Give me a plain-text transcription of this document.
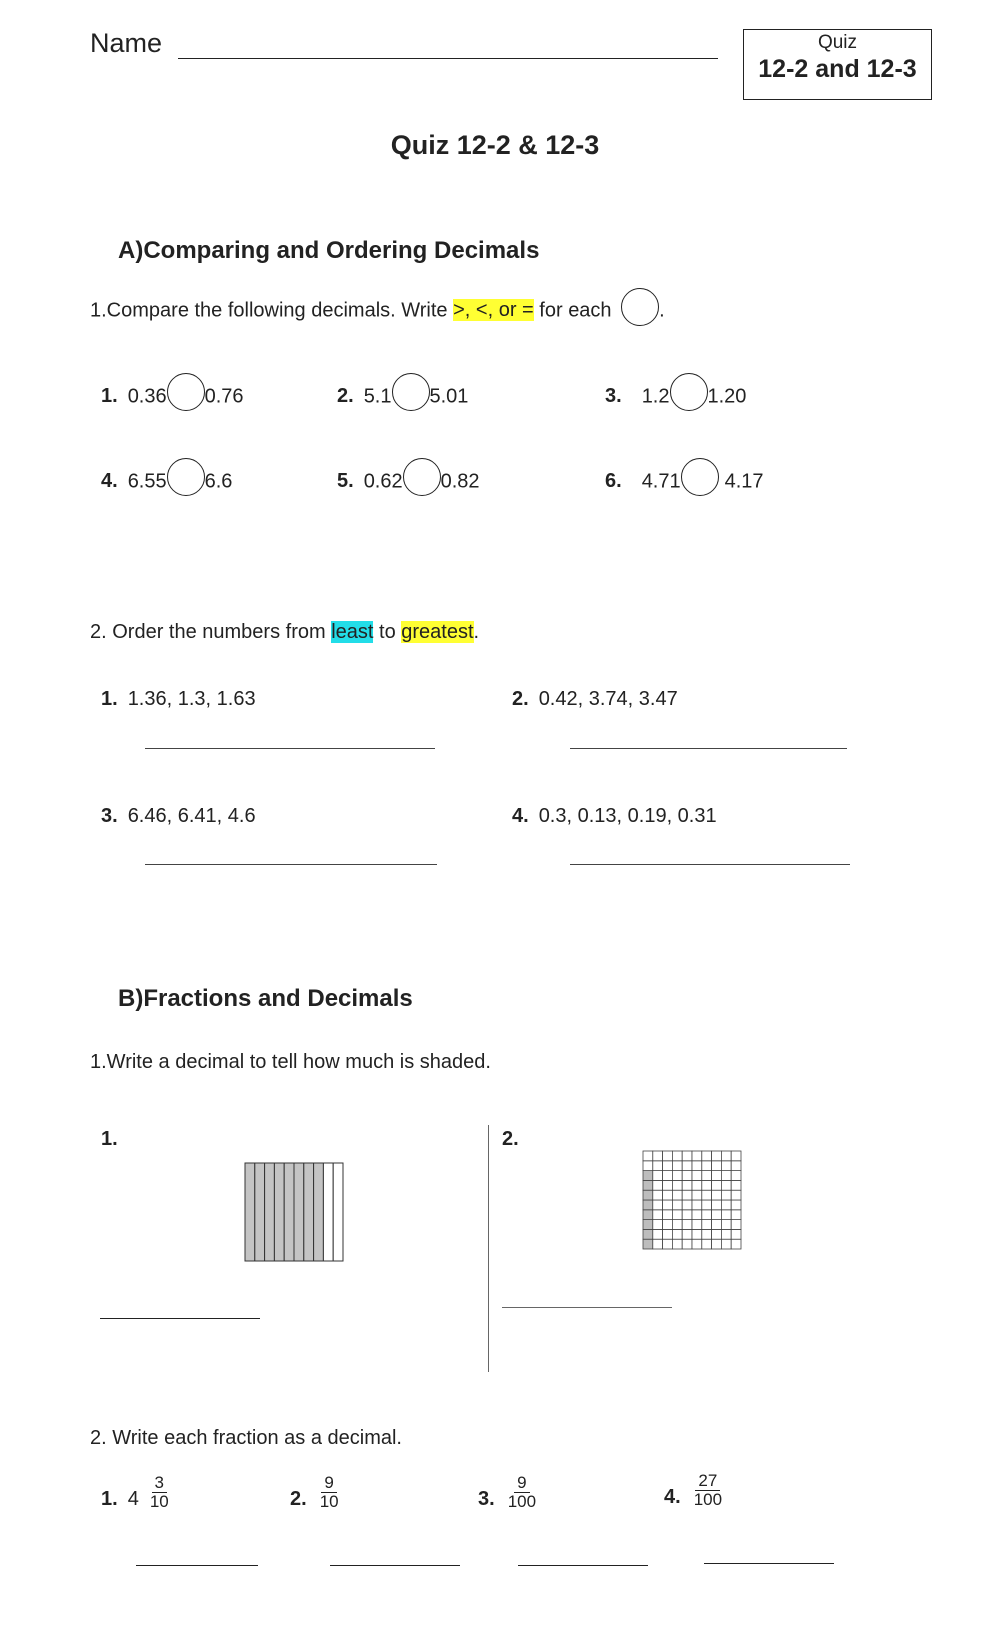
Name	Quiz
12-2 and 12-3
Quiz 12-2 & 12-3
A)Comparing and Ordering Decimals
1.Compare the following decimals. Write >, <, or = for each .
1. 0.36 0.76	2. 5.1 5.01	3. 1.2 1.20
4. 6.55 6.6	5. 0.62 0.82	6. 4.71 4.17
2. Order the numbers from least to greatest.
1. 1.36, 1.3, 1.63	2. 0.42, 3.74, 3.47
3. 6.46, 6.41, 4.6	4. 0.3, 0.13, 0.19, 0.31
B)Fractions and Decimals
1.Write a decimal to tell how much is shaded.
1.	2.
2. Write each fraction as a decimal.
1. $4 \frac{3}{10}$	2. $\frac{9}{10}$	3. $\frac{9}{100}$	4. $\frac{27}{100}$
